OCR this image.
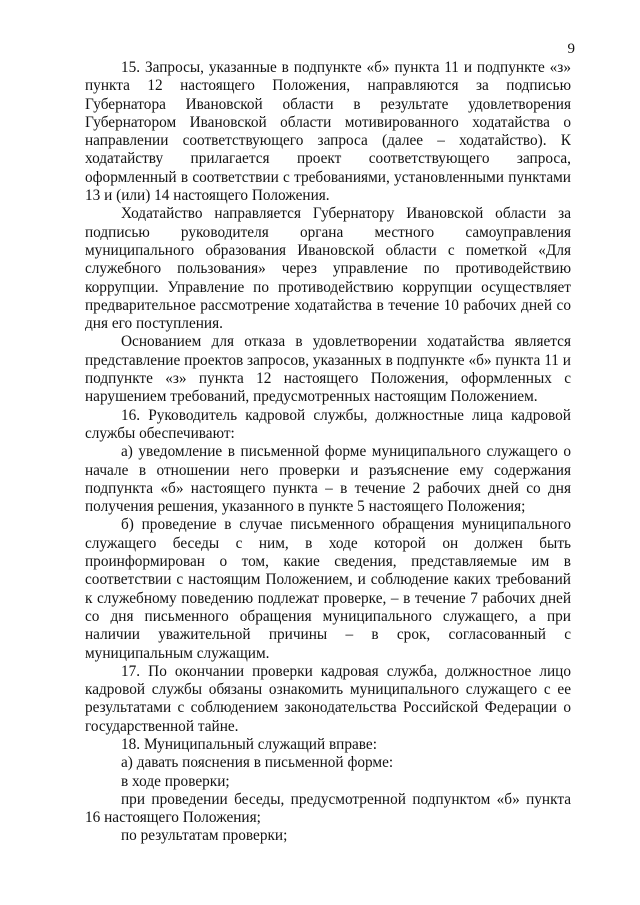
9

15. Запросы, указанные в подпункте «б» пункта 11 и подпункте «з» пункта 12 настоящего Положения, направляются за подписью Губернатора Ивановской области в результате удовлетворения Губернатором Ивановской области мотивированного ходатайства о направлении соответствующего запроса (далее – ходатайство). К ходатайству прилагается проект соответствующего запроса, оформленный в соответствии с требованиями, установленными пунктами 13 и (или) 14 настоящего Положения.

Ходатайство направляется Губернатору Ивановской области за подписью руководителя органа местного самоуправления муниципального образования Ивановской области с пометкой «Для служебного пользования» через управление по противодействию коррупции. Управление по противодействию коррупции осуществляет предварительное рассмотрение ходатайства в течение 10 рабочих дней со дня его поступления.

Основанием для отказа в удовлетворении ходатайства является представление проектов запросов, указанных в подпункте «б» пункта 11 и подпункте «з» пункта 12 настоящего Положения, оформленных с нарушением требований, предусмотренных настоящим Положением.

16. Руководитель кадровой службы, должностные лица кадровой службы обеспечивают:

а) уведомление в письменной форме муниципального служащего о начале в отношении него проверки и разъяснение ему содержания подпункта «б» настоящего пункта – в течение 2 рабочих дней со дня получения решения, указанного в пункте 5 настоящего Положения;

б) проведение в случае письменного обращения муниципального служащего беседы с ним, в ходе которой он должен быть проинформирован о том, какие сведения, представляемые им в соответствии с настоящим Положением, и соблюдение каких требований к служебному поведению подлежат проверке, – в течение 7 рабочих дней со дня письменного обращения муниципального служащего, а при наличии уважительной причины – в срок, согласованный с муниципальным служащим.

17. По окончании проверки кадровая служба, должностное лицо кадровой службы обязаны ознакомить муниципального служащего с ее результатами с соблюдением законодательства Российской Федерации о государственной тайне.

18. Муниципальный служащий вправе:

а) давать пояснения в письменной форме:

в ходе проверки;

при проведении беседы, предусмотренной подпунктом «б» пункта 16 настоящего Положения;

по результатам проверки;
